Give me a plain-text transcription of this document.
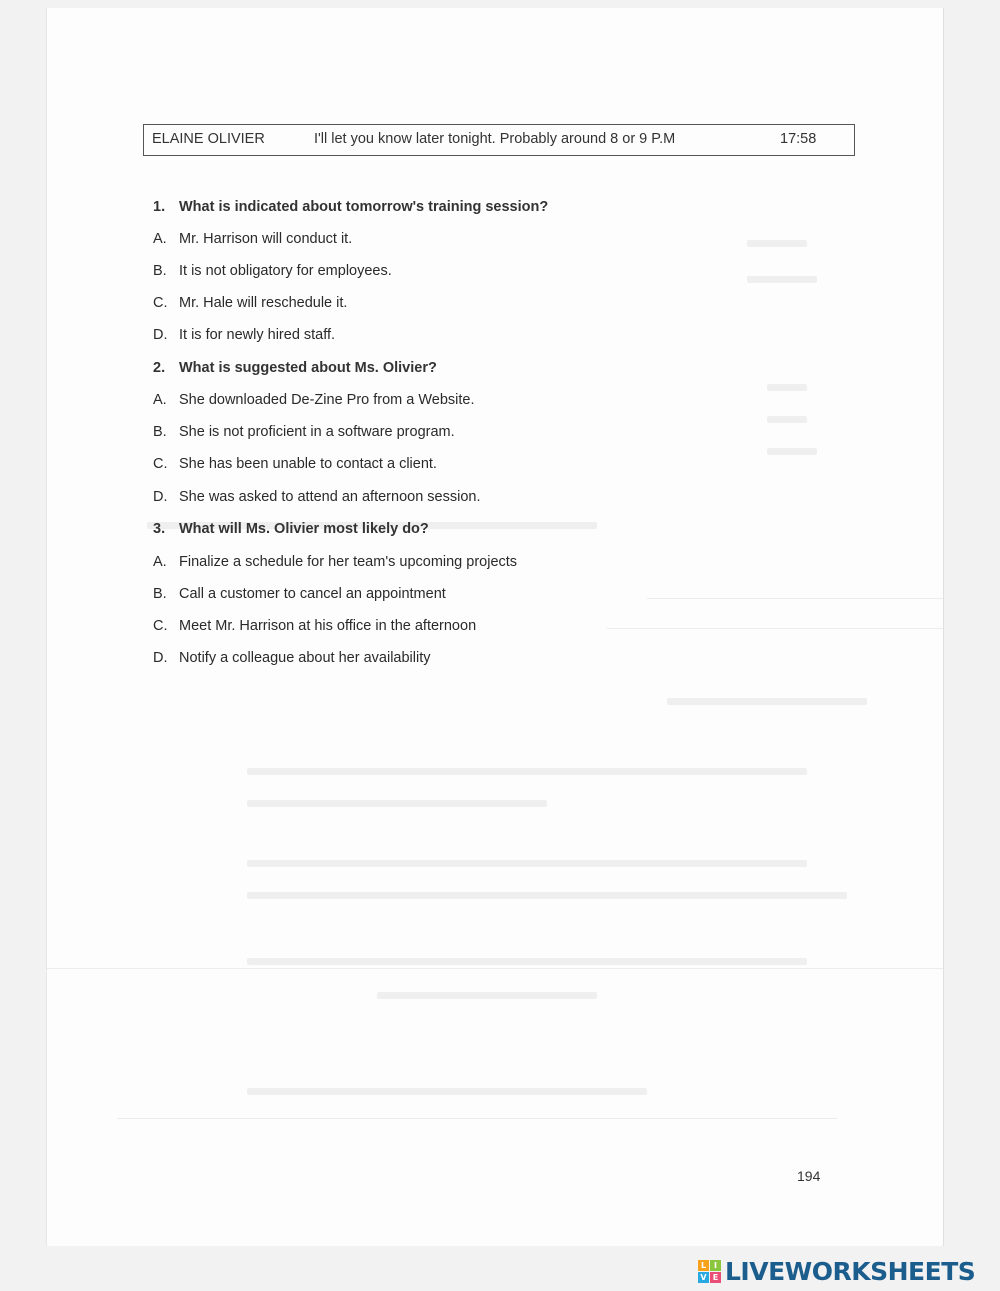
ELAINE OLIVIER	I'll let you know later tonight. Probably around 8 or 9 P.M	17:58
1. What is indicated about tomorrow's training session?
A. Mr. Harrison will conduct it.
B. It is not obligatory for employees.
C. Mr. Hale will reschedule it.
D. It is for newly hired staff.
2. What is suggested about Ms. Olivier?
A. She downloaded De-Zine Pro from a Website.
B. She is not proficient in a software program.
C. She has been unable to contact a client.
D. She was asked to attend an afternoon session.
3. What will Ms. Olivier most likely do?
A. Finalize a schedule for her team's upcoming projects
B. Call a customer to cancel an appointment
C. Meet Mr. Harrison at his office in the afternoon
D. Notify a colleague about her availability
194
L I
V E LIVEWORKSHEETS
